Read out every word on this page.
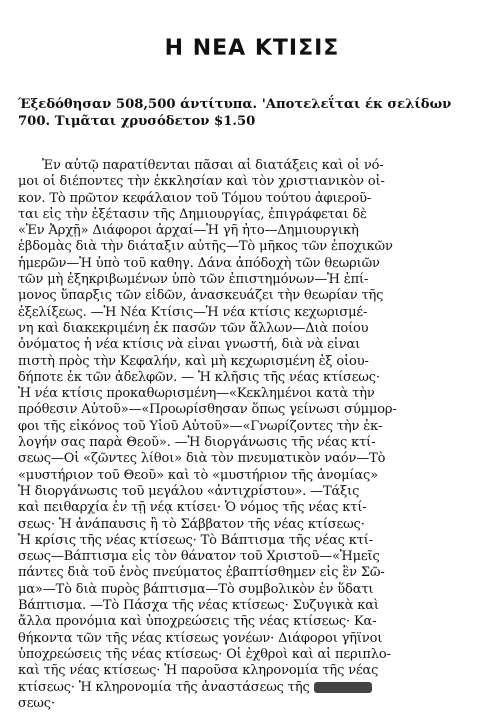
Η ΝΕΑ ΚΤΙΣΙΣ
Έξεδόθησαν 508,500 άντίτυπα. 'Αποτελεΐται έκ σελίδων
700. Τιμᾶται χρυσόδετον $1.50
Ἐν αὐτῷ παρατίθενται πᾶσαι αἱ διατάξεις καὶ οἱ νό-
μοι οἱ διέποντες τὴν ἐκκλησίαν καὶ τὸν χριστιανικὸν οἶ-
κον. Τὸ πρῶτον κεφάλαιον τοῦ Τόμου τούτου ἀφιεροῦ-
ται εἰς τὴν ἐξέτασιν τῆς Δημιουργίας, ἐπιγράφεται δὲ
«Ἐν Ἀρχῇ» Διάφοροι ἀρχαί—Ἡ γῆ ἦτο—Δημιουργικὴ
ἑβδομὰς διὰ τὴν διάταξιν αὐτῆς—Τὸ μῆκος τῶν ἐποχικῶν
ἡμερῶν—Ἡ ὑπὸ τοῦ καθηγ. Δάνα ἀπόδοχὴ τῶν θεωριῶν
τῶν μὴ ἐξηκριβωμένων ὑπὸ τῶν ἐπιστημόνων—Ἡ ἐπί-
μονος ὕπαρξις τῶν εἰδῶν, ἀνασκευάζει τὴν θεωρίαν τῆς
ἐξελίξεως. —Ἡ Νέα Κτίσις—Ἡ νέα κτίσις κεχωρισμέ-
νη καὶ διακεκριμένη ἐκ πασῶν τῶν ἄλλων—Διὰ ποίου
ὀνόματος ἡ νέα κτίσις νὰ εἶναι γνωστή, διὰ νὰ εἶναι
πιστὴ πρὸς τὴν Κεφαλήν, καὶ μὴ κεχωρισμένη ἐξ οἱου-
δήποτε ἐκ τῶν ἀδελφῶν. — Ἡ κλῆσις τῆς νέας κτίσεως·
Ἡ νέα κτίσις προκαθωρισμένη—«Κεκλημένοι κατὰ τὴν
πρόθεσιν Αὐτοῦ»—«Προωρίσθησαν ὅπως γείνωσι σύμμορ-
φοι τῆς εἰκόνος τοῦ Υἱοῦ Αὐτοῦ»—«Γνωρίζοντες τὴν ἐκ-
λογήν σας παρὰ Θεοῦ». —Ἡ διοργάνωσις τῆς νέας κτί-
σεως—Οἱ «ζῶντες λίθοι» διὰ τὸν πνευματικὸν ναόν—Τὸ
«μυστήριον τοῦ Θεοῦ» καὶ τὸ «μυστήριον τῆς ἀνομίας»
Ἡ διοργάνωσις τοῦ μεγάλου «ἀντιχρίστου». —Τάξις
καὶ πειθαρχία ἐν τῇ νέᾳ κτίσει· Ὁ νόμος τῆς νέας κτί-
σεως· Ἡ ἀνάπαυσις ἢ τὸ Σάββατον τῆς νέας κτίσεως·
Ἡ κρίσις τῆς νέας κτίσεως· Τὸ Βάπτισμα τῆς νέας κτί-
σεως—Βάπτισμα εἰς τὸν θάνατον τοῦ Χριστοῦ—«Ἡμεῖς
πάντες διὰ τοῦ ἑνὸς πνεύματος ἐβαπτίσθημεν εἰς ἓν Σῶ-
μα»—Τὸ διὰ πυρὸς βάπτισμα—Τὸ συμβολικὸν ἐν ὕδατι
Βάπτισμα. —Τὸ Πάσχα τῆς νέας κτίσεως· Συζυγικὰ καὶ
ἄλλα προνόμια καὶ ὑποχρεώσεις τῆς νέας κτίσεως· Κα-
θήκοντα τῶν τῆς νέας κτίσεως γονέων· Διάφοροι γῆϊνοι
ὑποχρεώσεις τῆς νέας κτίσεως· Οἱ ἐχθροὶ καὶ αἱ περιπλο-
καὶ τῆς νέας κτίσεως· Ἡ παροῦσα κληρονομία τῆς νέας
κτίσεως· Ἡ κληρονομία τῆς ἀναστάσεως τῆς
σεως·
